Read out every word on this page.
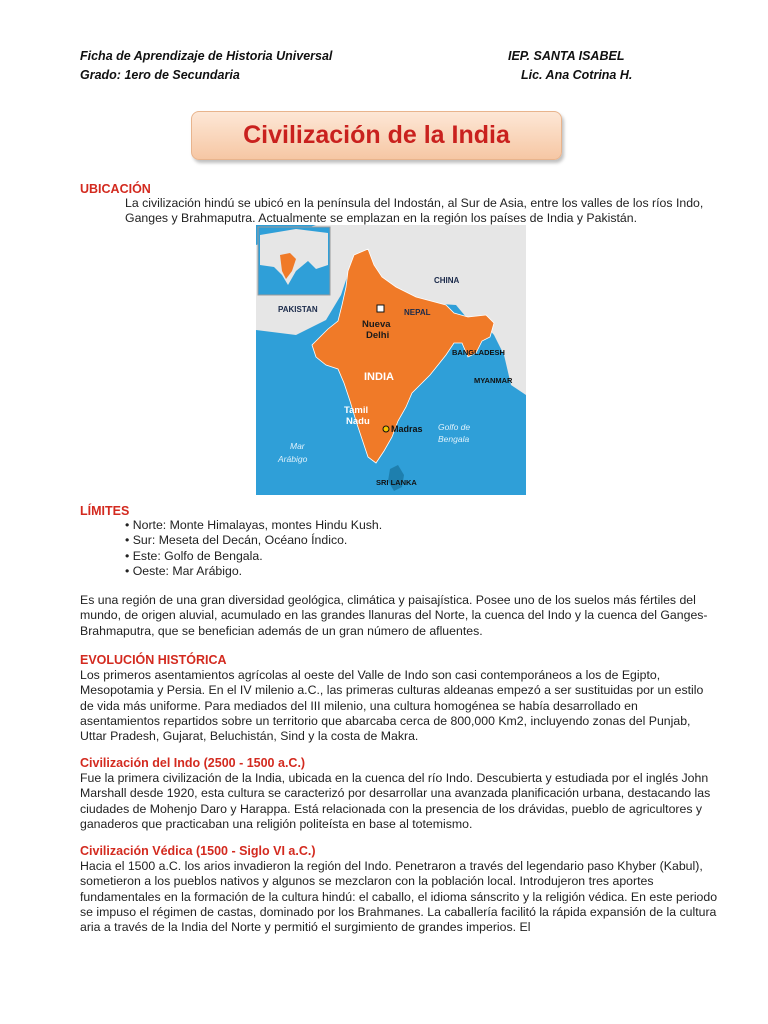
Ficha de Aprendizaje de Historia Universal
Grado: 1ero de Secundaria
IEP. SANTA ISABEL
Lic. Ana Cotrina H.
Civilización de la India
UBICACIÓN
La civilización hindú se ubicó en la península del Indostán, al Sur de Asia, entre los valles de los ríos Indo, Ganges y Brahmaputra. Actualmente se emplazan en la región los países de India y Pakistán.
CHINA
PAKISTAN	NEPAL
Nueva
Delhi
INDIA
BANGLADESH
MYANMAR
Tamil
Nadu
Madras Golfo de
Bengala
Mar
Arábigo
SRI LANKA
LÍMITES
• Norte: Monte Himalayas, montes Hindu Kush.
• Sur: Meseta del Decán, Océano Índico.
• Este: Golfo de Bengala.
• Oeste: Mar Arábigo.
Es una región de una gran diversidad geológica, climática y paisajística. Posee uno de los suelos más fértiles del mundo, de origen aluvial, acumulado en las grandes llanuras del Norte, la cuenca del Indo y la cuenca del Ganges-Brahmaputra, que se benefician además de un gran número de afluentes.
EVOLUCIÓN HISTÓRICA
Los primeros asentamientos agrícolas al oeste del Valle de Indo son casi contemporáneos a los de Egipto, Mesopotamia y Persia. En el IV milenio a.C., las primeras culturas aldeanas empezó a ser sustituidas por un estilo de vida más uniforme. Para mediados del III milenio, una cultura homogénea se había desarrollado en asentamientos repartidos sobre un territorio que abarcaba cerca de 800,000 Km2, incluyendo zonas del Punjab, Uttar Pradesh, Gujarat, Beluchistán, Sind y la costa de Makra.
Civilización del Indo (2500 - 1500 a.C.)
Fue la primera civilización de la India, ubicada en la cuenca del río Indo. Descubierta y estudiada por el inglés John Marshall desde 1920, esta cultura se caracterizó por desarrollar una avanzada planificación urbana, destacando las ciudades de Mohenjo Daro y Harappa. Está relacionada con la presencia de los drávidas, pueblo de agricultores y ganaderos que practicaban una religión politeísta en base al totemismo.
Civilización Védica (1500 - Siglo VI a.C.)
Hacia el 1500 a.C. los arios invadieron la región del Indo. Penetraron a través del legendario paso Khyber (Kabul), sometieron a los pueblos nativos y algunos se mezclaron con la población local. Introdujeron tres aportes fundamentales en la formación de la cultura hindú: el caballo, el idioma sánscrito y la religión védica. En este periodo se impuso el régimen de castas, dominado por los Brahmanes. La caballería facilitó la rápida expansión de la cultura aria a través de la India del Norte y permitió el surgimiento de grandes imperios. El
